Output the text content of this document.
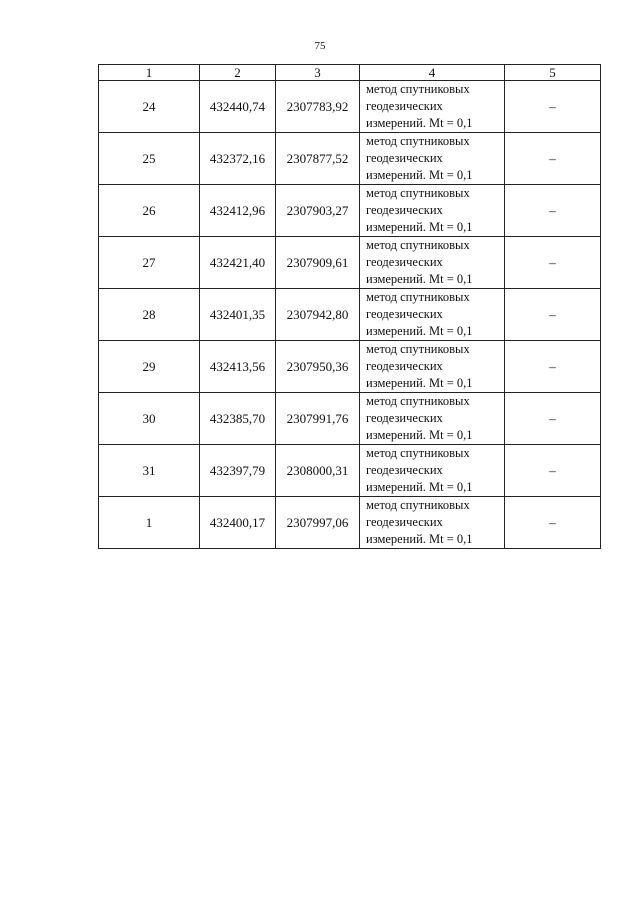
75
1	2	3	4	5
24	432440,74	2307783,92	метод спутниковых
геодезических
измерений. Mt = 0,1	–
25	432372,16	2307877,52	метод спутниковых
геодезических
измерений. Mt = 0,1	–
26	432412,96	2307903,27	метод спутниковых
геодезических
измерений. Mt = 0,1	–
27	432421,40	2307909,61	метод спутниковых
геодезических
измерений. Mt = 0,1	–
28	432401,35	2307942,80	метод спутниковых
геодезических
измерений. Mt = 0,1	–
29	432413,56	2307950,36	метод спутниковых
геодезических
измерений. Mt = 0,1	–
30	432385,70	2307991,76	метод спутниковых
геодезических
измерений. Mt = 0,1	–
31	432397,79	2308000,31	метод спутниковых
геодезических
измерений. Mt = 0,1	–
1	432400,17	2307997,06	метод спутниковых
геодезических
измерений. Mt = 0,1	–
